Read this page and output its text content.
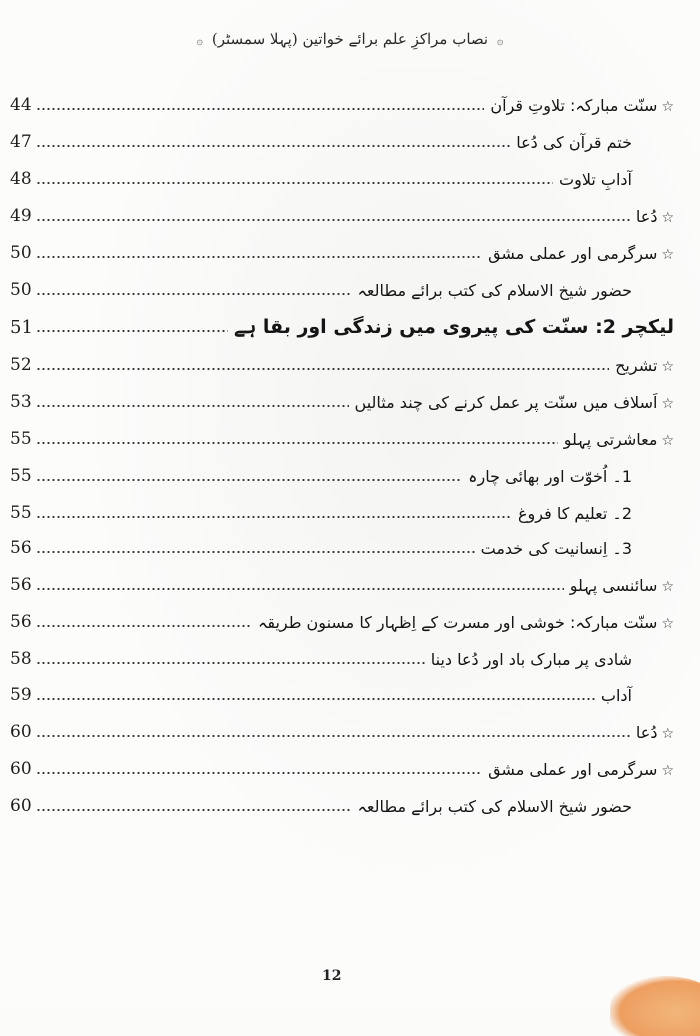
۞ نصاب مراکزِ علم برائے خواتین (پہلا سمسٹر) ۞
44	☆سنّت مبارکہ: تلاوتِ قرآن
47	ختم قرآن کی دُعا
48	آدابِ تلاوت
49	☆دُعا
50	☆سرگرمی اور عملی مشق
50	حضور شیخ الاسلام کی کتب برائے مطالعہ
51	لیکچر 2: سنّت کی پیروی میں زندگی اور بقا ہے
52	☆تشریح
53	☆اَسلاف میں سنّت پر عمل کرنے کی چند مثالیں
55	☆معاشرتی پہلو
55	1۔ اُخوّت اور بھائی چارہ
55	2۔ تعلیم کا فروغ
56	3۔ اِنسانیت کی خدمت
56	☆سائنسی پہلو
56	☆سنّت مبارکہ: خوشی اور مسرت کے اِظہار کا مسنون طریقہ
58	شادی پر مبارک باد اور دُعا دینا
59	آداب
60	☆دُعا
60	☆سرگرمی اور عملی مشق
60	حضور شیخ الاسلام کی کتب برائے مطالعہ
12
